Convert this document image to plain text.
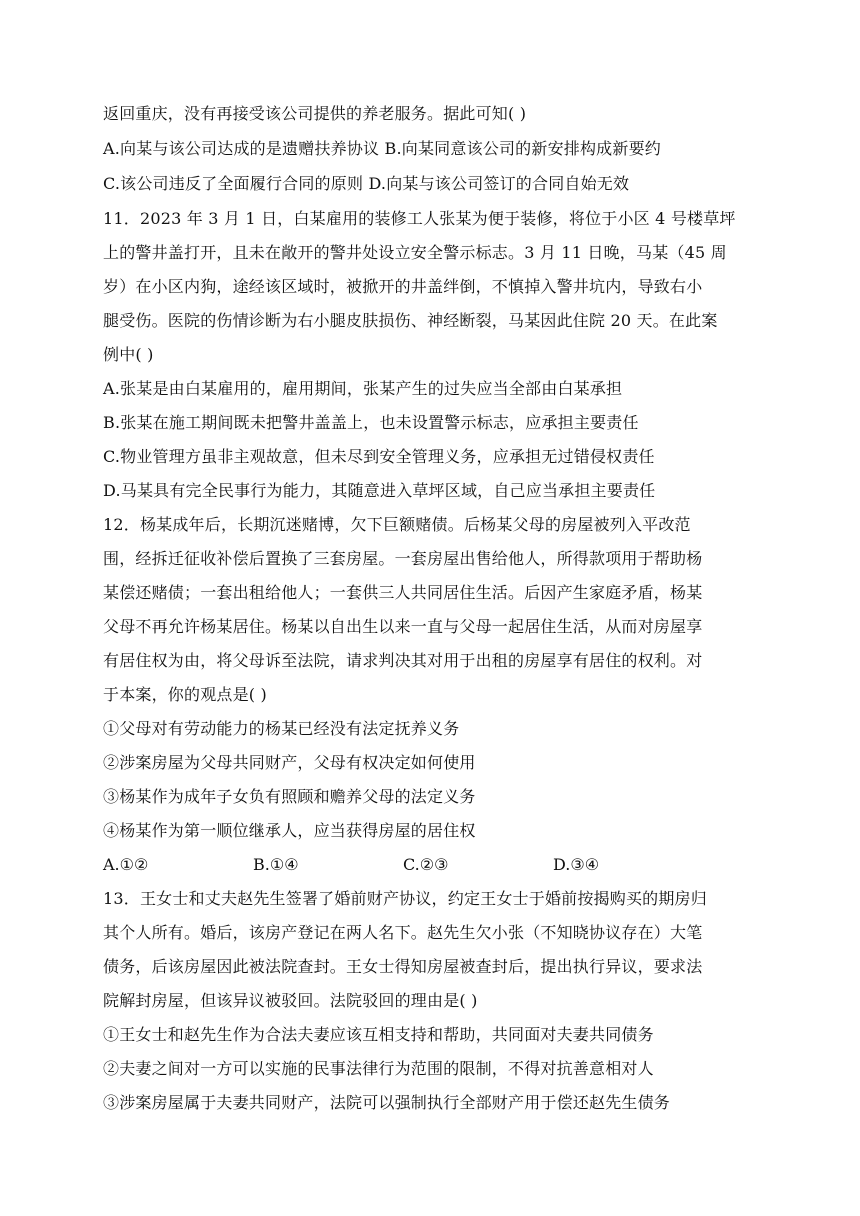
返回重庆，没有再接受该公司提供的养老服务。据此可知( )
A.向某与该公司达成的是遗赠扶养协议 B.向某同意该公司的新安排构成新要约
C.该公司违反了全面履行合同的原则 D.向某与该公司签订的合同自始无效
11．2023 年 3 月 1 日，白某雇用的装修工人张某为便于装修，将位于小区 4 号楼草坪
上的警井盖打开，且未在敞开的警井处设立安全警示标志。3 月 11 日晚，马某（45 周
岁）在小区内狗，途经该区域时，被掀开的井盖绊倒，不慎掉入警井坑内，导致右小
腿受伤。医院的伤情诊断为右小腿皮肤损伤、神经断裂，马某因此住院 20 天。在此案
例中( )
A.张某是由白某雇用的，雇用期间，张某产生的过失应当全部由白某承担
B.张某在施工期间既未把警井盖盖上，也未设置警示标志，应承担主要责任
C.物业管理方虽非主观故意，但未尽到安全管理义务，应承担无过错侵权责任
D.马某具有完全民事行为能力，其随意进入草坪区域，自己应当承担主要责任
12．杨某成年后，长期沉迷赌博，欠下巨额赌债。后杨某父母的房屋被列入平改范
围，经拆迁征收补偿后置换了三套房屋。一套房屋出售给他人，所得款项用于帮助杨
某偿还赌债；一套出租给他人；一套供三人共同居住生活。后因产生家庭矛盾，杨某
父母不再允许杨某居住。杨某以自出生以来一直与父母一起居住生活，从而对房屋享
有居住权为由，将父母诉至法院，请求判决其对用于出租的房屋享有居住的权利。对
于本案，你的观点是( )
①父母对有劳动能力的杨某已经没有法定抚养义务
②涉案房屋为父母共同财产，父母有权决定如何使用
③杨某作为成年子女负有照顾和赡养父母的法定义务
④杨某作为第一顺位继承人，应当获得房屋的居住权
A.①②	B.①④	C.②③	D.③④
13．王女士和丈夫赵先生签署了婚前财产协议，约定王女士于婚前按揭购买的期房归
其个人所有。婚后，该房产登记在两人名下。赵先生欠小张（不知晓协议存在）大笔
债务，后该房屋因此被法院查封。王女士得知房屋被查封后，提出执行异议，要求法
院解封房屋，但该异议被驳回。法院驳回的理由是( )
①王女士和赵先生作为合法夫妻应该互相支持和帮助，共同面对夫妻共同债务
②夫妻之间对一方可以实施的民事法律行为范围的限制，不得对抗善意相对人
③涉案房屋属于夫妻共同财产，法院可以强制执行全部财产用于偿还赵先生债务
